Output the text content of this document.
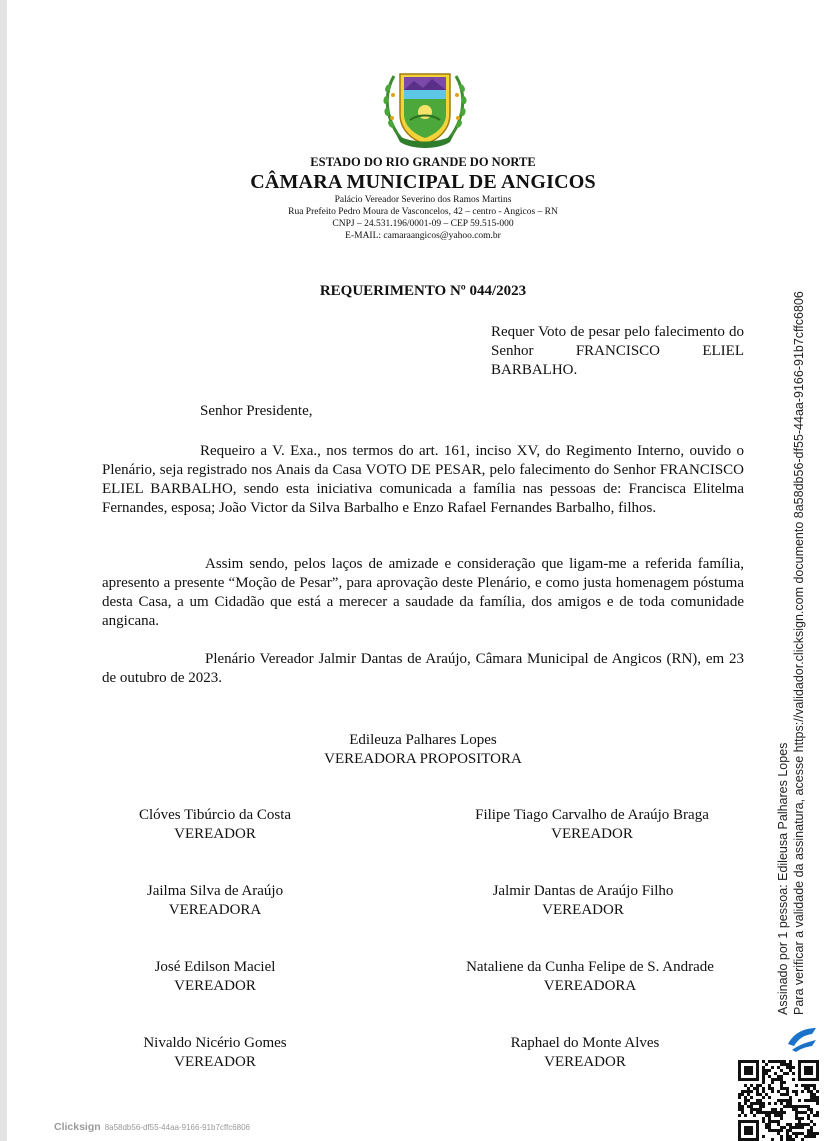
ESTADO DO RIO GRANDE DO NORTE
CÂMARA MUNICIPAL DE ANGICOS
Palácio Vereador Severino dos Ramos Martins
Rua Prefeito Pedro Moura de Vasconcelos, 42 – centro - Angicos – RN
CNPJ – 24.531.196/0001-09 – CEP 59.515-000
E-MAIL: camaraangicos@yahoo.com.br
REQUERIMENTO Nº 044/2023
Requer Voto de pesar pelo falecimento do Senhor FRANCISCO ELIEL BARBALHO.
Senhor Presidente,

Requeiro a V. Exa., nos termos do art. 161, inciso XV, do Regimento Interno, ouvido o Plenário, seja registrado nos Anais da Casa VOTO DE PESAR, pelo falecimento do Senhor FRANCISCO ELIEL BARBALHO, sendo esta iniciativa comunicada a família nas pessoas de: Francisca Elitelma Fernandes, esposa; João Victor da Silva Barbalho e Enzo Rafael Fernandes Barbalho, filhos.

Assim sendo, pelos laços de amizade e consideração que ligam-me a referida família, apresento a presente “Moção de Pesar”, para aprovação deste Plenário, e como justa homenagem póstuma desta Casa, a um Cidadão que está a merecer a saudade da família, dos amigos e de toda comunidade angicana.

Plenário Vereador Jalmir Dantas de Araújo, Câmara Municipal de Angicos (RN), em 23 de outubro de 2023.

Edileuza Palhares Lopes
VEREADORA PROPOSITORA
Clóves Tibúrcio da Costa
VEREADOR
Filipe Tiago Carvalho de Araújo Braga
VEREADOR
Jailma Silva de Araújo
VEREADORA
Jalmir Dantas de Araújo Filho
VEREADOR
José Edilson Maciel
VEREADOR
Nataliene da Cunha Felipe de S. Andrade
VEREADORA
Nivaldo Nicério Gomes
VEREADOR
Raphael do Monte Alves
VEREADOR
Assinado por 1 pessoa: Edileusa Palhares Lopes Para verificar a validade da assinatura, acesse https://validador.clicksign.com documento 8a58db56-df55-44aa-9166-91b7cffc6806
Clicksign 8a58db56-df55-44aa-9166-91b7cffc6806
